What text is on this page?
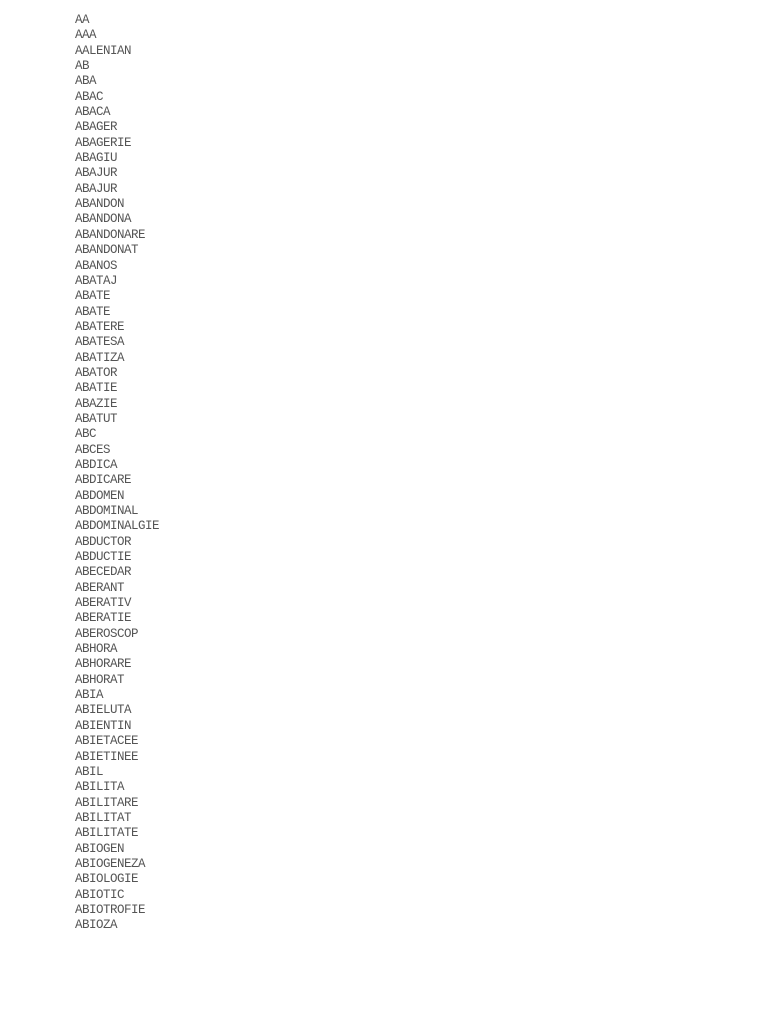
AA
AAA
AALENIAN
AB
ABA
ABAC
ABACA
ABAGER
ABAGERIE
ABAGIU
ABAJUR
ABAJUR
ABANDON
ABANDONA
ABANDONARE
ABANDONAT
ABANOS
ABATAJ
ABATE
ABATE
ABATERE
ABATESA
ABATIZA
ABATOR
ABATIE
ABAZIE
ABATUT
ABC
ABCES
ABDICA
ABDICARE
ABDOMEN
ABDOMINAL
ABDOMINALGIE
ABDUCTOR
ABDUCTIE
ABECEDAR
ABERANT
ABERATIV
ABERATIE
ABEROSCOP
ABHORA
ABHORARE
ABHORAT
ABIA
ABIELUTA
ABIENTIN
ABIETACEE
ABIETINEE
ABIL
ABILITA
ABILITARE
ABILITAT
ABILITATE
ABIOGEN
ABIOGENEZA
ABIOLOGIE
ABIOTIC
ABIOTROFIE
ABIOZA
